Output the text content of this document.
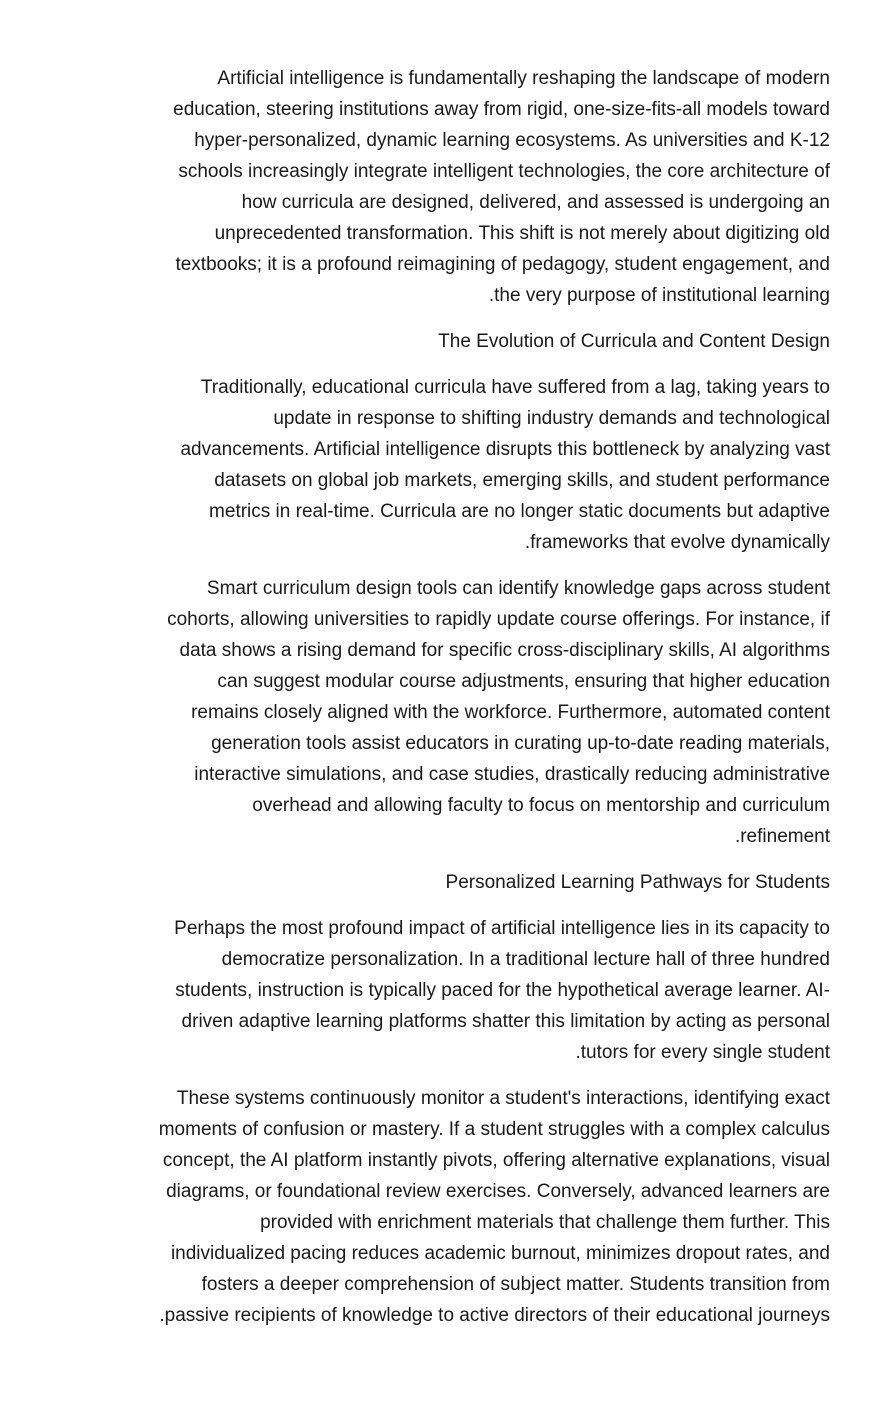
Artificial intelligence is fundamentally reshaping the landscape of modern
education, steering institutions away from rigid, one-size-fits-all models toward
hyper-personalized, dynamic learning ecosystems. As universities and K-12
schools increasingly integrate intelligent technologies, the core architecture of
how curricula are designed, delivered, and assessed is undergoing an
unprecedented transformation. This shift is not merely about digitizing old
textbooks; it is a profound reimagining of pedagogy, student engagement, and
.the very purpose of institutional learning
The Evolution of Curricula and Content Design
Traditionally, educational curricula have suffered from a lag, taking years to
update in response to shifting industry demands and technological
advancements. Artificial intelligence disrupts this bottleneck by analyzing vast
datasets on global job markets, emerging skills, and student performance
metrics in real-time. Curricula are no longer static documents but adaptive
.frameworks that evolve dynamically
Smart curriculum design tools can identify knowledge gaps across student
cohorts, allowing universities to rapidly update course offerings. For instance, if
data shows a rising demand for specific cross-disciplinary skills, AI algorithms
can suggest modular course adjustments, ensuring that higher education
remains closely aligned with the workforce. Furthermore, automated content
generation tools assist educators in curating up-to-date reading materials,
interactive simulations, and case studies, drastically reducing administrative
overhead and allowing faculty to focus on mentorship and curriculum
.refinement
Personalized Learning Pathways for Students
Perhaps the most profound impact of artificial intelligence lies in its capacity to
democratize personalization. In a traditional lecture hall of three hundred
students, instruction is typically paced for the hypothetical average learner. AI-
driven adaptive learning platforms shatter this limitation by acting as personal
.tutors for every single student
These systems continuously monitor a student's interactions, identifying exact
moments of confusion or mastery. If a student struggles with a complex calculus
concept, the AI platform instantly pivots, offering alternative explanations, visual
diagrams, or foundational review exercises. Conversely, advanced learners are
provided with enrichment materials that challenge them further. This
individualized pacing reduces academic burnout, minimizes dropout rates, and
fosters a deeper comprehension of subject matter. Students transition from
.passive recipients of knowledge to active directors of their educational journeys
